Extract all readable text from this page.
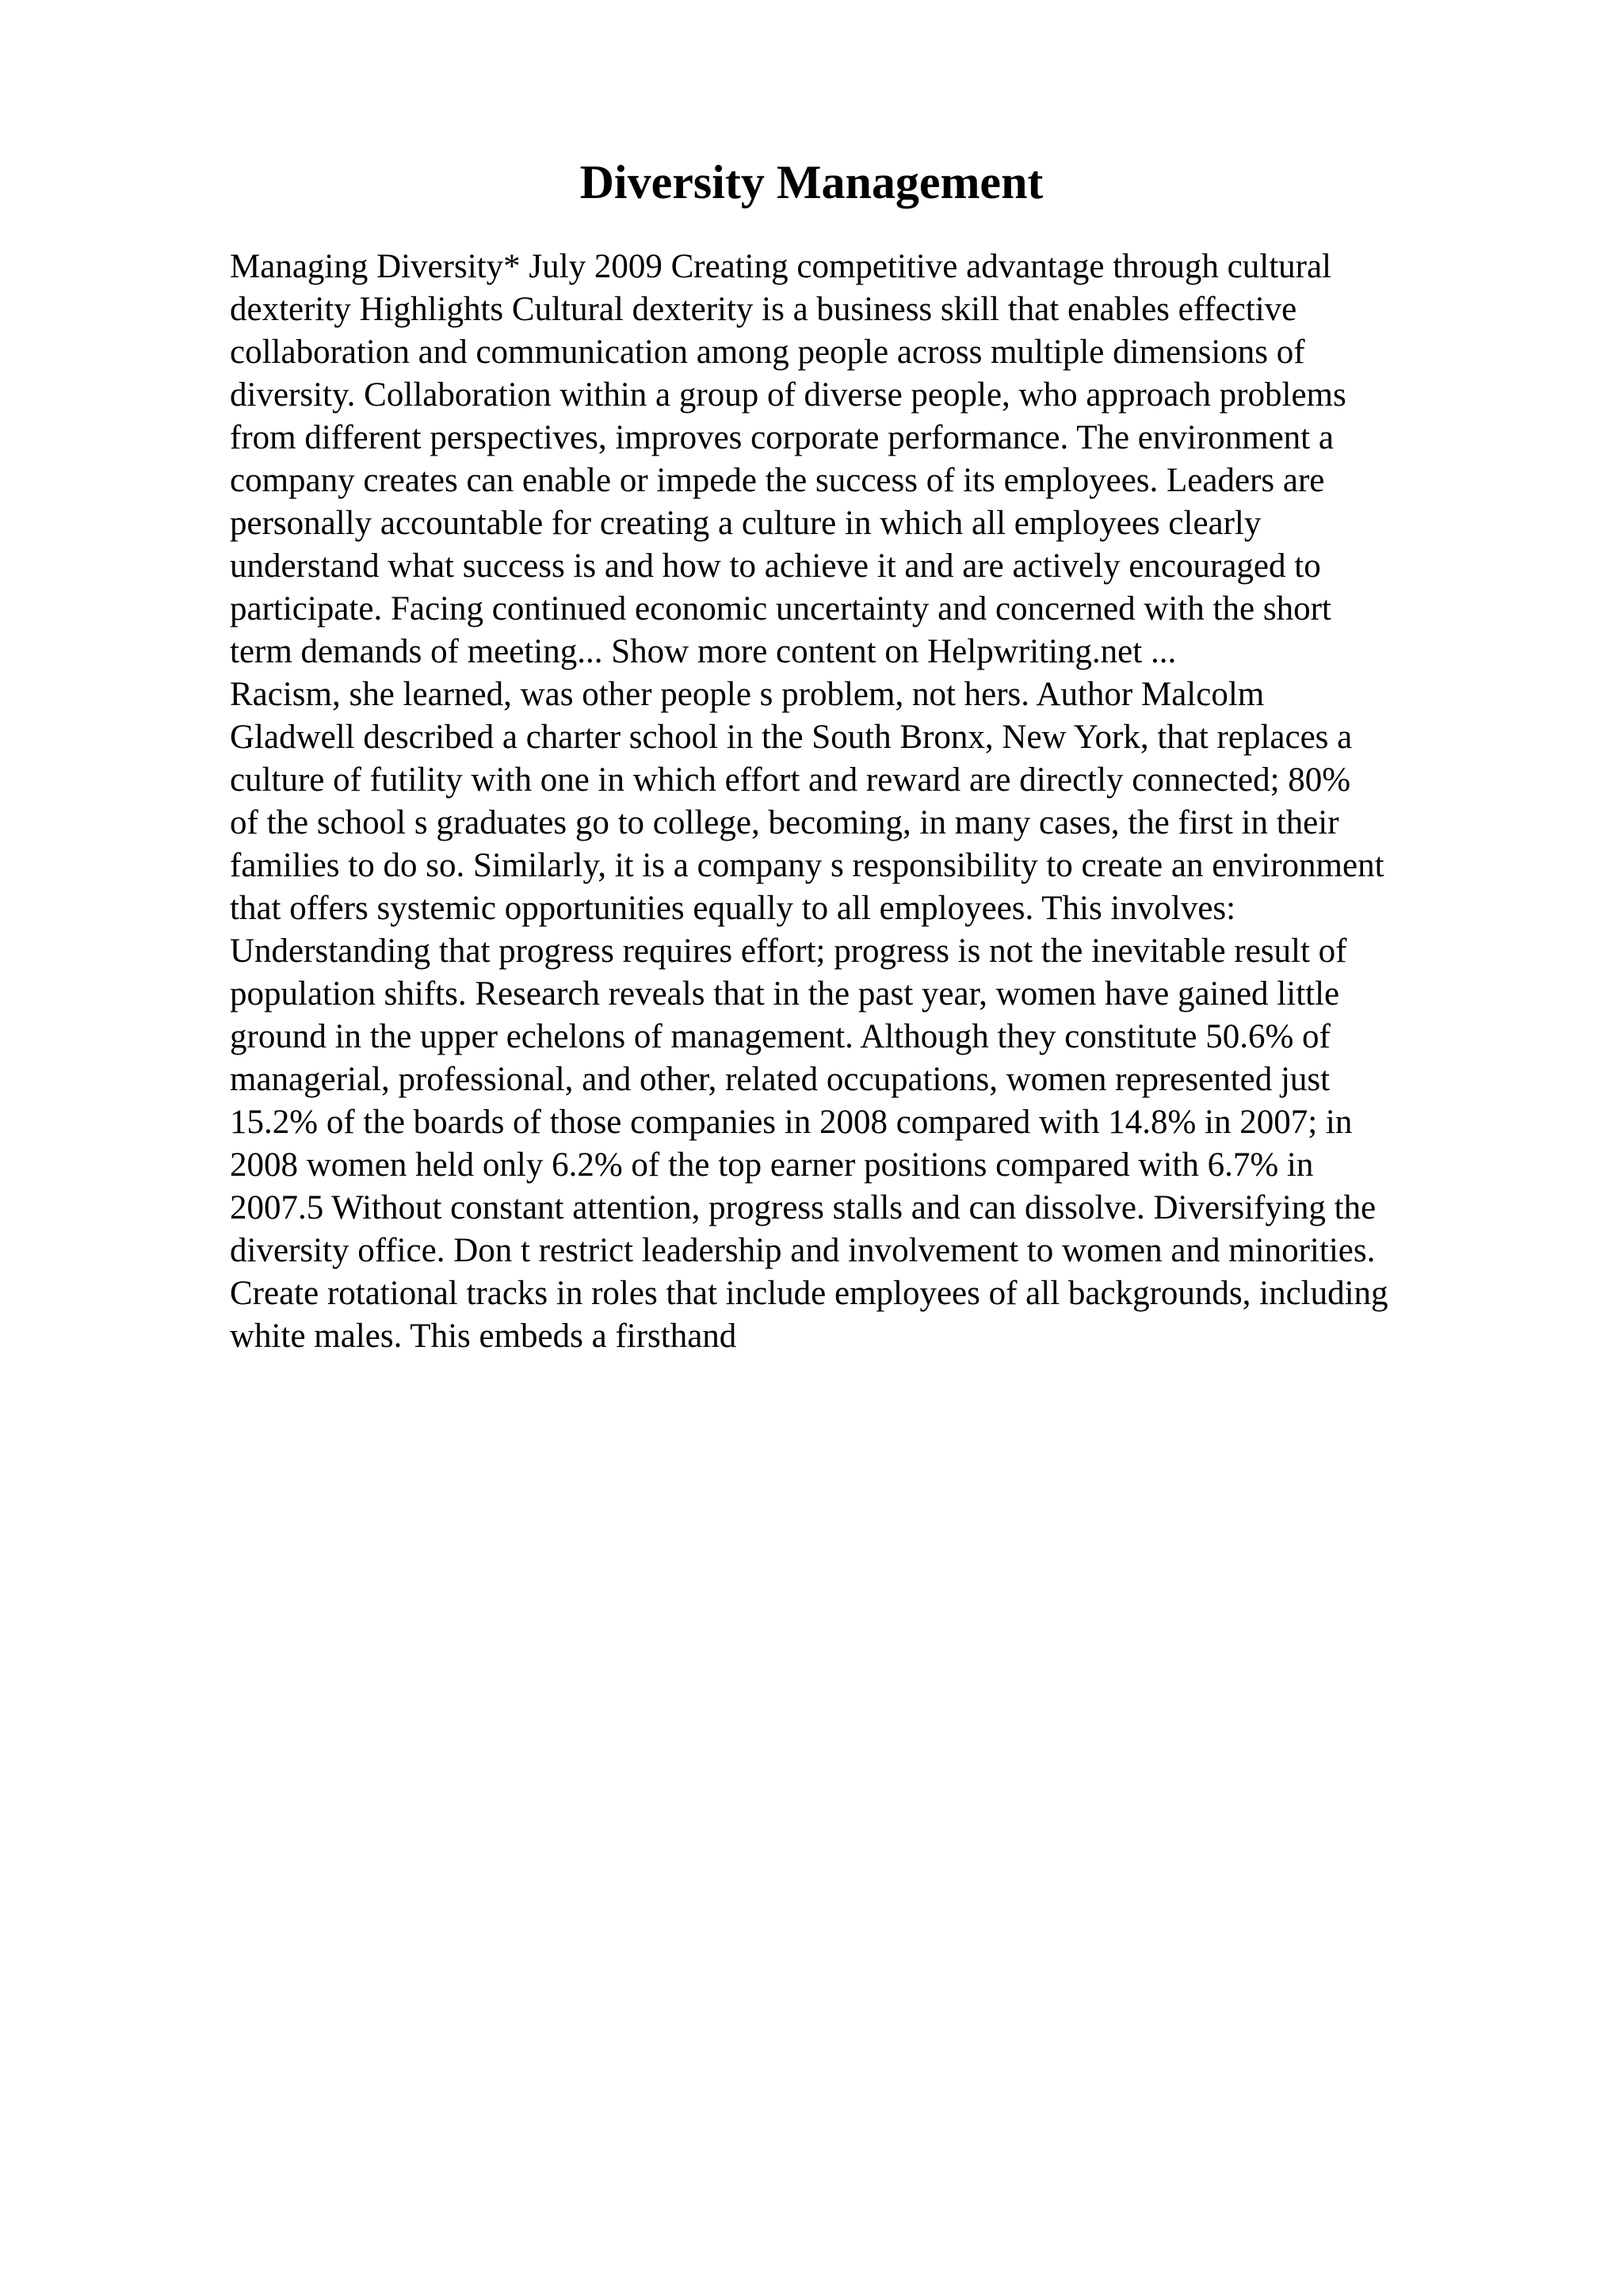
Diversity Management
Managing Diversity* July 2009 Creating competitive advantage through cultural
dexterity Highlights Cultural dexterity is a business skill that enables effective
collaboration and communication among people across multiple dimensions of
diversity. Collaboration within a group of diverse people, who approach problems
from different perspectives, improves corporate performance. The environment a
company creates can enable or impede the success of its employees. Leaders are
personally accountable for creating a culture in which all employees clearly
understand what success is and how to achieve it and are actively encouraged to
participate. Facing continued economic uncertainty and concerned with the short
term demands of meeting... Show more content on Helpwriting.net ...
Racism, she learned, was other people s problem, not hers. Author Malcolm
Gladwell described a charter school in the South Bronx, New York, that replaces a
culture of futility with one in which effort and reward are directly connected; 80%
of the school s graduates go to college, becoming, in many cases, the first in their
families to do so. Similarly, it is a company s responsibility to create an environment
that offers systemic opportunities equally to all employees. This involves:
Understanding that progress requires effort; progress is not the inevitable result of
population shifts. Research reveals that in the past year, women have gained little
ground in the upper echelons of management. Although they constitute 50.6% of
managerial, professional, and other, related occupations, women represented just
15.2% of the boards of those companies in 2008 compared with 14.8% in 2007; in
2008 women held only 6.2% of the top earner positions compared with 6.7% in
2007.5 Without constant attention, progress stalls and can dissolve. Diversifying the
diversity office. Don t restrict leadership and involvement to women and minorities.
Create rotational tracks in roles that include employees of all backgrounds, including
white males. This embeds a firsthand
